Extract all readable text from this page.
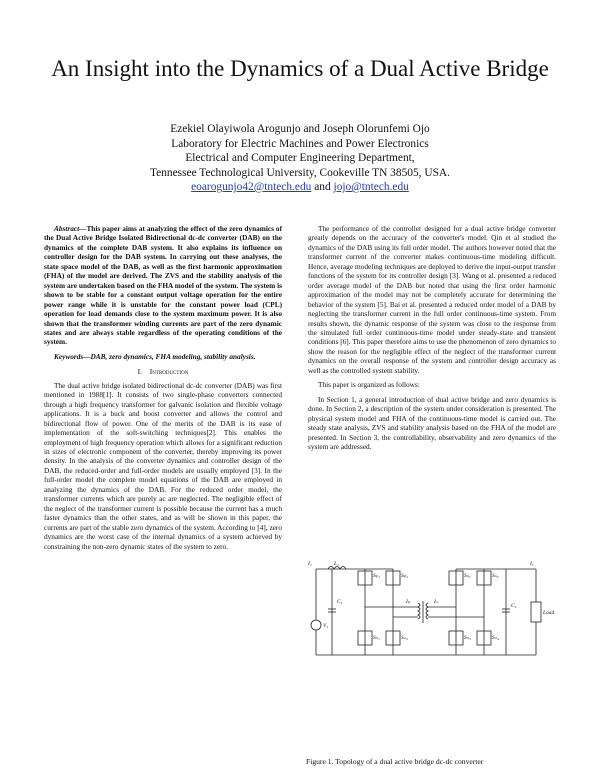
An Insight into the Dynamics of a Dual Active Bridge
Ezekiel Olayiwola Arogunjo and Joseph Olorunfemi Ojo
Laboratory for Electric Machines and Power Electronics
Electrical and Computer Engineering Department,
Tennessee Technological University, Cookeville TN 38505, USA.
eoarogunjo42@tntech.edu and jojo@tntech.edu

Abstract—This paper aims at analyzing the effect of the zero dynamics of the Dual Active Bridge Isolated Bidirectional dc-dc converter (DAB) on the dynamics of the complete DAB system. It also explains its influence on controller design for the DAB system. In carrying out these analyses, the state space model of the DAB, as well as the first harmonic approximation (FHA) of the model are derived. The ZVS and the stability analysis of the system are undertaken based on the FHA model of the system. The system is shown to be stable for a constant output voltage operation for the entire power range while it is unstable for the constant power load (CPL) operation for load demands close to the system maximum power. It is also shown that the transformer winding currents are part of the zero dynamic states and are always stable regardless of the operating conditions of the system.

Keywords—DAB, zero dynamics, FHA modeling, stability analysis.

I. Introduction

The dual active bridge isolated bidirectional dc-dc converter (DAB) was first mentioned in 1988[1]. It consists of two single-phase converters connected through a high frequency transformer for galvanic isolation and flexible voltage applications. It is a buck and boost converter and allows the control and bidirectional flow of power. One of the merits of the DAB is its ease of implementation of the soft-switching techniques[2]. This enables the employment of high frequency operation which allows for a significant reduction in sizes of electronic component of the converter, thereby improving its power density. In the analysis of the converter dynamics and controller design of the DAB, the reduced-order and full-order models are usually employed [3]. In the full-order model the complete model equations of the DAB are employed in analyzing the dynamics of the DAB. For the reduced order model, the transformer currents which are purely ac are neglected. The negligible effect of the neglect of the transformer current is possible because the current has a much faster dynamics than the other states, and as will be shown in this paper, the currents are part of the stable zero dynamics of the system. According to [4], zero dynamics are the worst case of the internal dynamics of a system achieved by constraining the non-zero dynamic states of the system to zero.

The performance of the controller designed for a dual active bridge converter greatly depends on the accuracy of the converter's model. Qin et al studied the dynamics of the DAB using its full order model. The authors however noted that the transformer current of the converter makes continuous-time modeling difficult. Hence, average modeling techniques are deployed to derive the input-output transfer functions of the system for its controller design [3]. Wang et al. presented a reduced order average model of the DAB but noted that using the first order harmonic approximation of the model may not be completely accurate for determining the behavior of the system [5]. Bai et al. presented a reduced order model of a DAB by neglecting the transformer current in the full order continuous-time system. From results shown, the dynamic response of the system was close to the response from the simulated full order continuous-time model under steady-state and transient conditions [6]. This paper therefore aims to use the phenomenon of zero dynamics to show the reason for the negligible effect of the neglect of the transformer current dynamics on the overall response of the system and controller design accuracy as well as the controlled system stability.

This paper is organized as follows:

In Section 1, a general introduction of dual active bridge and zero dynamics is done. In Section 2, a description of the system under consideration is presented. The physical system model and FHA of the continuous-time model is carried out. The steady state analysis, ZVS and stability analysis based on the FHA of the model are presented. In Section 3, the controllability, observability and zero dynamics of the system are addressed.

I₁	L₁
C₁
V₁
Sₚ₁	Sₚ₂
Sₙ₁	Sₙ₂
Iₚ	Iₛ
Sₛ₁	Sₛ₂
Sₙ₃	Sₙ₄
Iₒ
C₂
Load
Figure 1. Topology of a dual active bridge dc-dc converter
